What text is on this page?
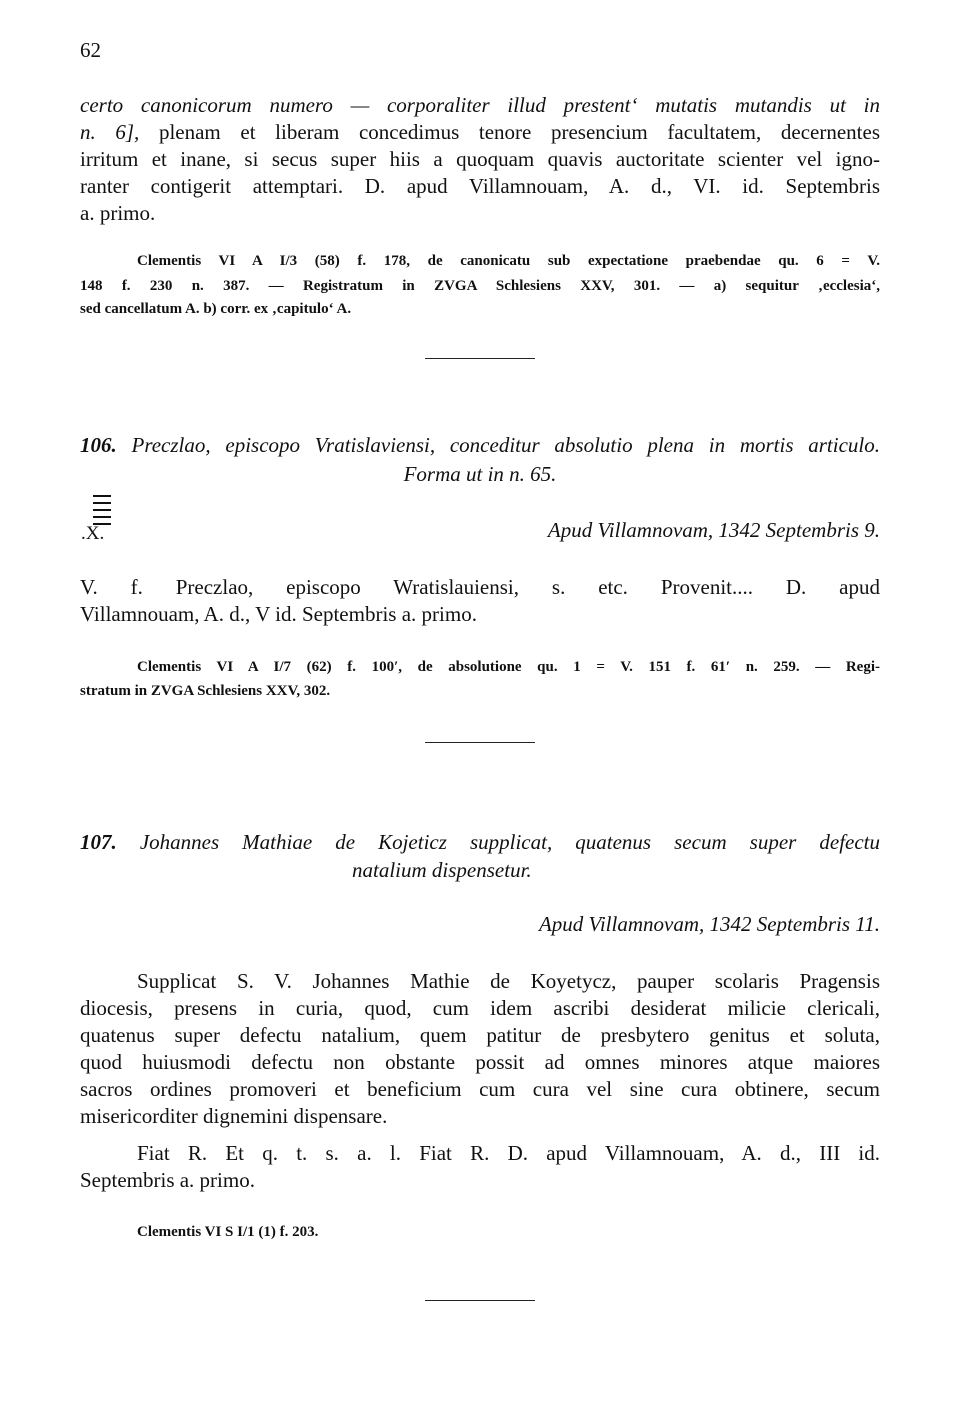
62
certo canonicorum numero — corporaliter illud prestent‘ mutatis mutandis ut in
n. 6], plenam et liberam concedimus tenore presencium facultatem, decernentes
irritum et inane, si secus super hiis a quoquam quavis auctoritate scienter vel igno-
ranter contigerit attemptari. D. apud Villamnouam, A. d., VI. id. Septembris
a. primo.
Clementis VI A I/3 (58) f. 178, de canonicatu sub expectatione praebendae qu. 6 = V.
148 f. 230 n. 387. — Registratum in ZVGA Schlesiens XXV, 301. — a) sequitur ‚ecclesia‘,
sed cancellatum A. b) corr. ex ‚capitulo‘ A.
106. Preczlao, episcopo Vratislaviensi, conceditur absolutio plena in mortis articulo.
Forma ut in n. 65.
.X.	Apud Villamnovam, 1342 Septembris 9.
V. f. Preczlao, episcopo Wratislauiensi, s. etc. Provenit.... D. apud
Villamnouam, A. d., V id. Septembris a. primo.
Clementis VI A I/7 (62) f. 100′, de absolutione qu. 1 = V. 151 f. 61′ n. 259. — Regi-
stratum in ZVGA Schlesiens XXV, 302.
107. Johannes Mathiae de Kojeticz supplicat, quatenus secum super defectu
natalium dispensetur.
Apud Villamnovam, 1342 Septembris 11.
Supplicat S. V. Johannes Mathie de Koyetycz, pauper scolaris Pragensis
diocesis, presens in curia, quod, cum idem ascribi desiderat milicie clericali,
quatenus super defectu natalium, quem patitur de presbytero genitus et soluta,
quod huiusmodi defectu non obstante possit ad omnes minores atque maiores
sacros ordines promoveri et beneficium cum cura vel sine cura obtinere, secum
misericorditer dignemini dispensare.
Fiat R. Et q. t. s. a. l. Fiat R. D. apud Villamnouam, A. d., III id.
Septembris a. primo.
Clementis VI S I/1 (1) f. 203.
